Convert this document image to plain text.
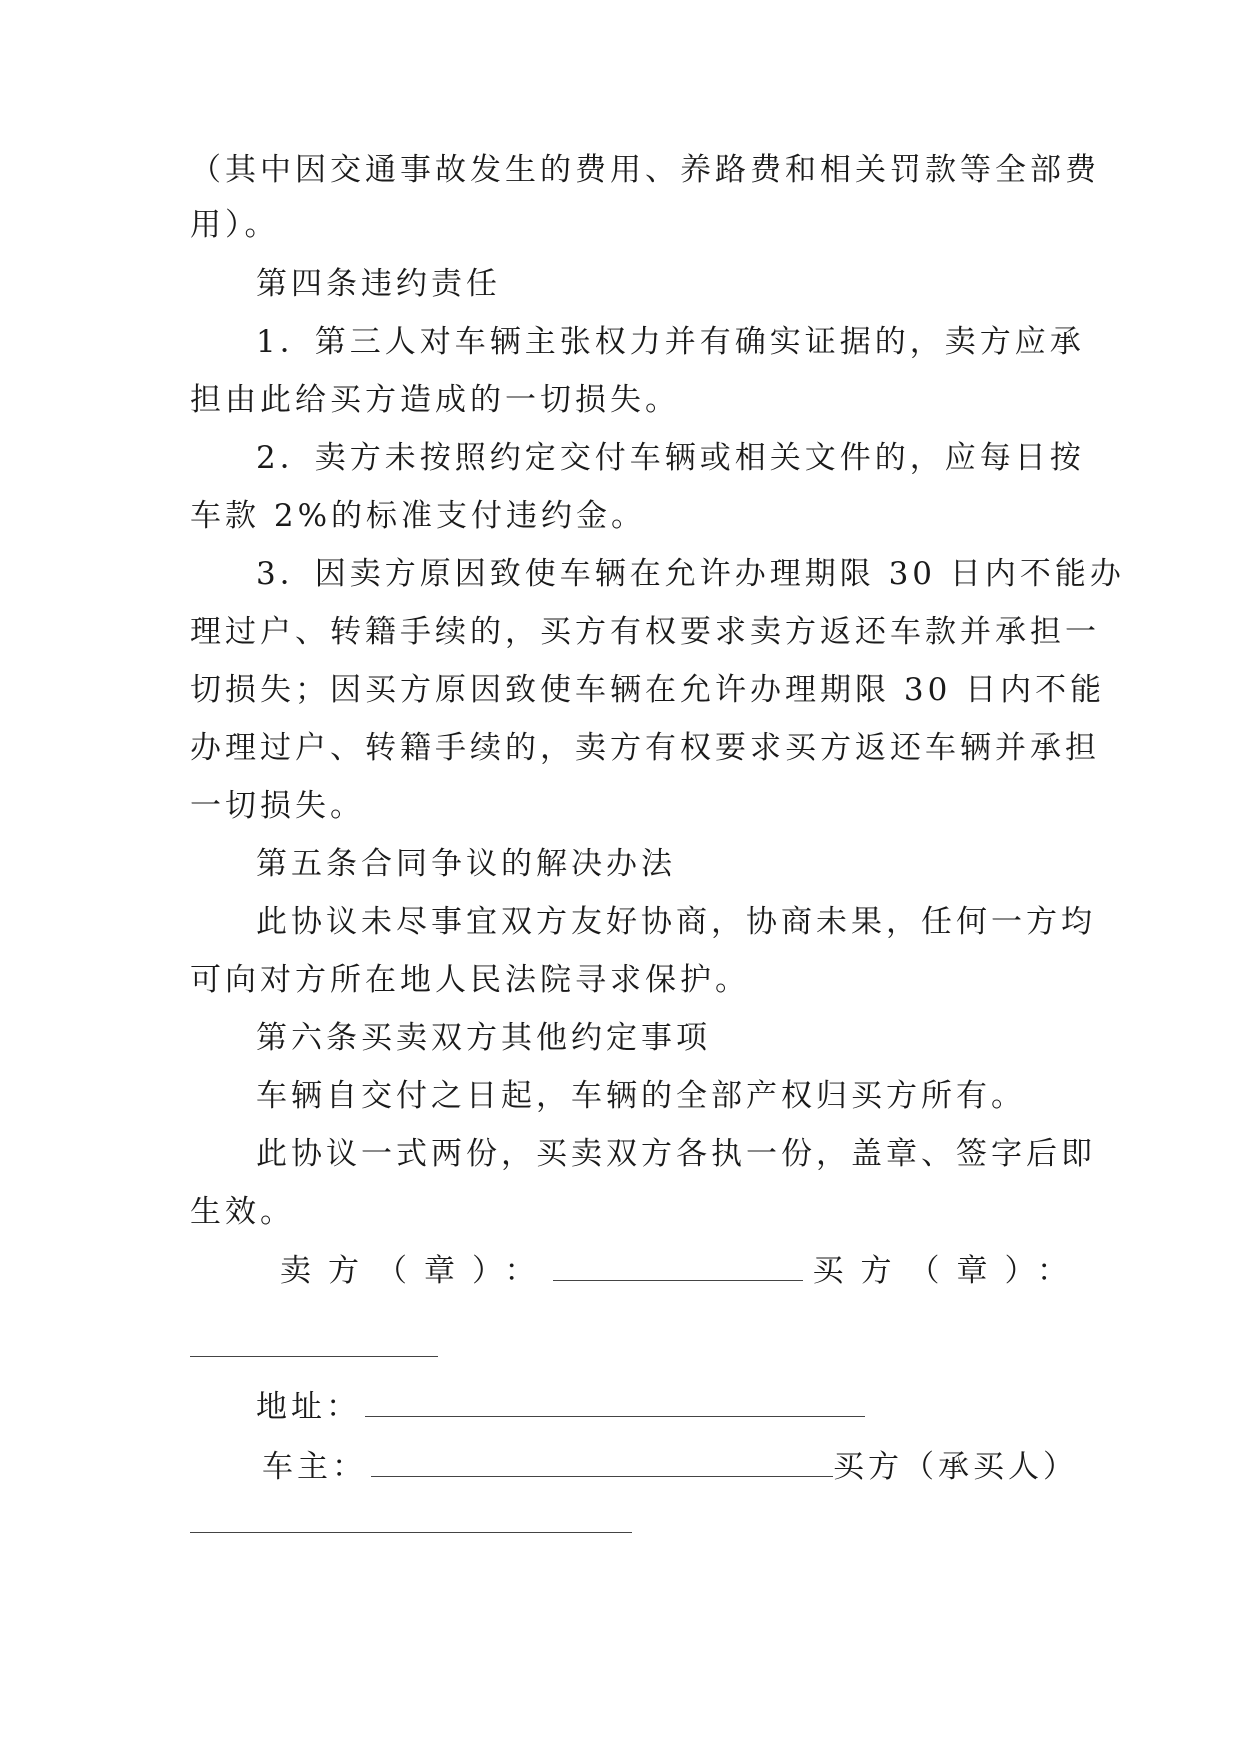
（其中因交通事故发生的费用、养路费和相关罚款等全部费
用）。
第四条违约责任
1．第三人对车辆主张权力并有确实证据的，卖方应承
担由此给买方造成的一切损失。
2．卖方未按照约定交付车辆或相关文件的，应每日按
车款 2%的标准支付违约金。
3．因卖方原因致使车辆在允许办理期限 30 日内不能办
理过户、转籍手续的，买方有权要求卖方返还车款并承担一
切损失；因买方原因致使车辆在允许办理期限 30 日内不能
办理过户、转籍手续的，卖方有权要求买方返还车辆并承担
一切损失。
第五条合同争议的解决办法
此协议未尽事宜双方友好协商，协商未果，任何一方均
可向对方所在地人民法院寻求保护。
第六条买卖双方其他约定事项
车辆自交付之日起，车辆的全部产权归买方所有。
此协议一式两份，买卖双方各执一份，盖章、签字后即
生效。
卖方（章）：	买方（章）：
地址：
车主：	买方（承买人）
